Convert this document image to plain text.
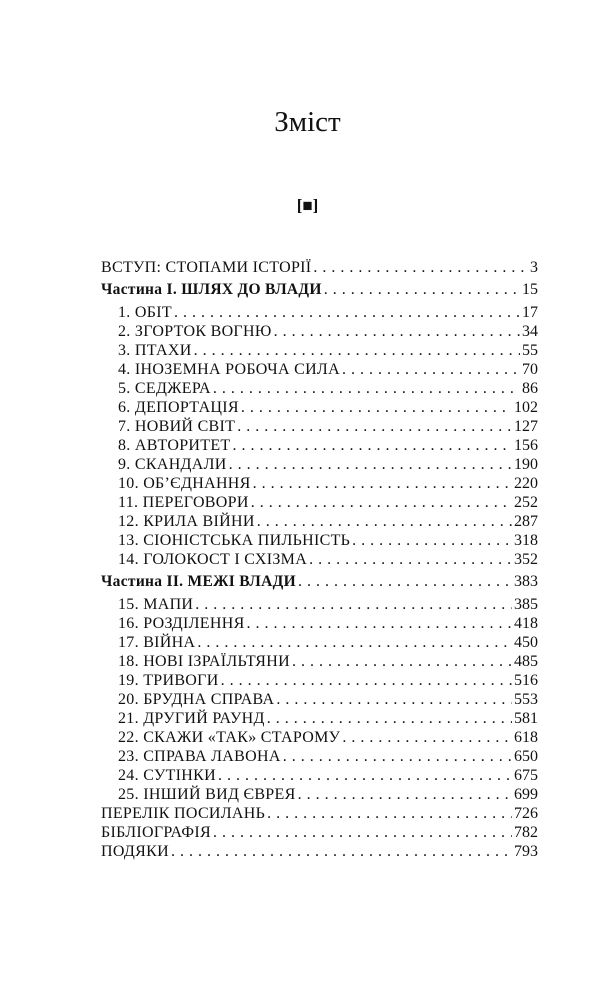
Зміст
[■]
ВСТУП: СТОПАМИ ІСТОРІЇ . . .	3
Частина I. ШЛЯХ ДО ВЛАДИ . . .	15
1. ОБІТ . . .	17
2. ЗГОРТОК ВОГНЮ . . .	34
3. ПТАХИ . . .	55
4. ІНОЗЕМНА РОБОЧА СИЛА . . .	70
5. СЕДЖЕРА . . .	86
6. ДЕПОРТАЦІЯ . . .	102
7. НОВИЙ СВІТ . . .	127
8. АВТОРИТЕТ . . .	156
9. СКАНДАЛИ . . .	190
10. ОБ’ЄДНАННЯ . . .	220
11. ПЕРЕГОВОРИ . . .	252
12. КРИЛА ВІЙНИ . . .	287
13. СІОНІСТСЬКА ПИЛЬНІСТЬ . . .	318
14. ГОЛОКОСТ І СХІЗМА . . .	352
Частина II. МЕЖІ ВЛАДИ . . .	383
15. МАПИ . . .	385
16. РОЗДІЛЕННЯ . . .	418
17. ВІЙНА . . .	450
18. НОВІ ІЗРАЇЛЬТЯНИ . . .	485
19. ТРИВОГИ . . .	516
20. БРУДНА СПРАВА . . .	553
21. ДРУГИЙ РАУНД . . .	581
22. СКАЖИ «ТАК» СТАРОМУ . . .	618
23. СПРАВА ЛАВОНА . . .	650
24. СУТІНКИ . . .	675
25. ІНШИЙ ВИД ЄВРЕЯ . . .	699
ПЕРЕЛІК ПОСИЛАНЬ . . .	726
БІБЛІОГРАФІЯ . . .	782
ПОДЯКИ . . .	793
